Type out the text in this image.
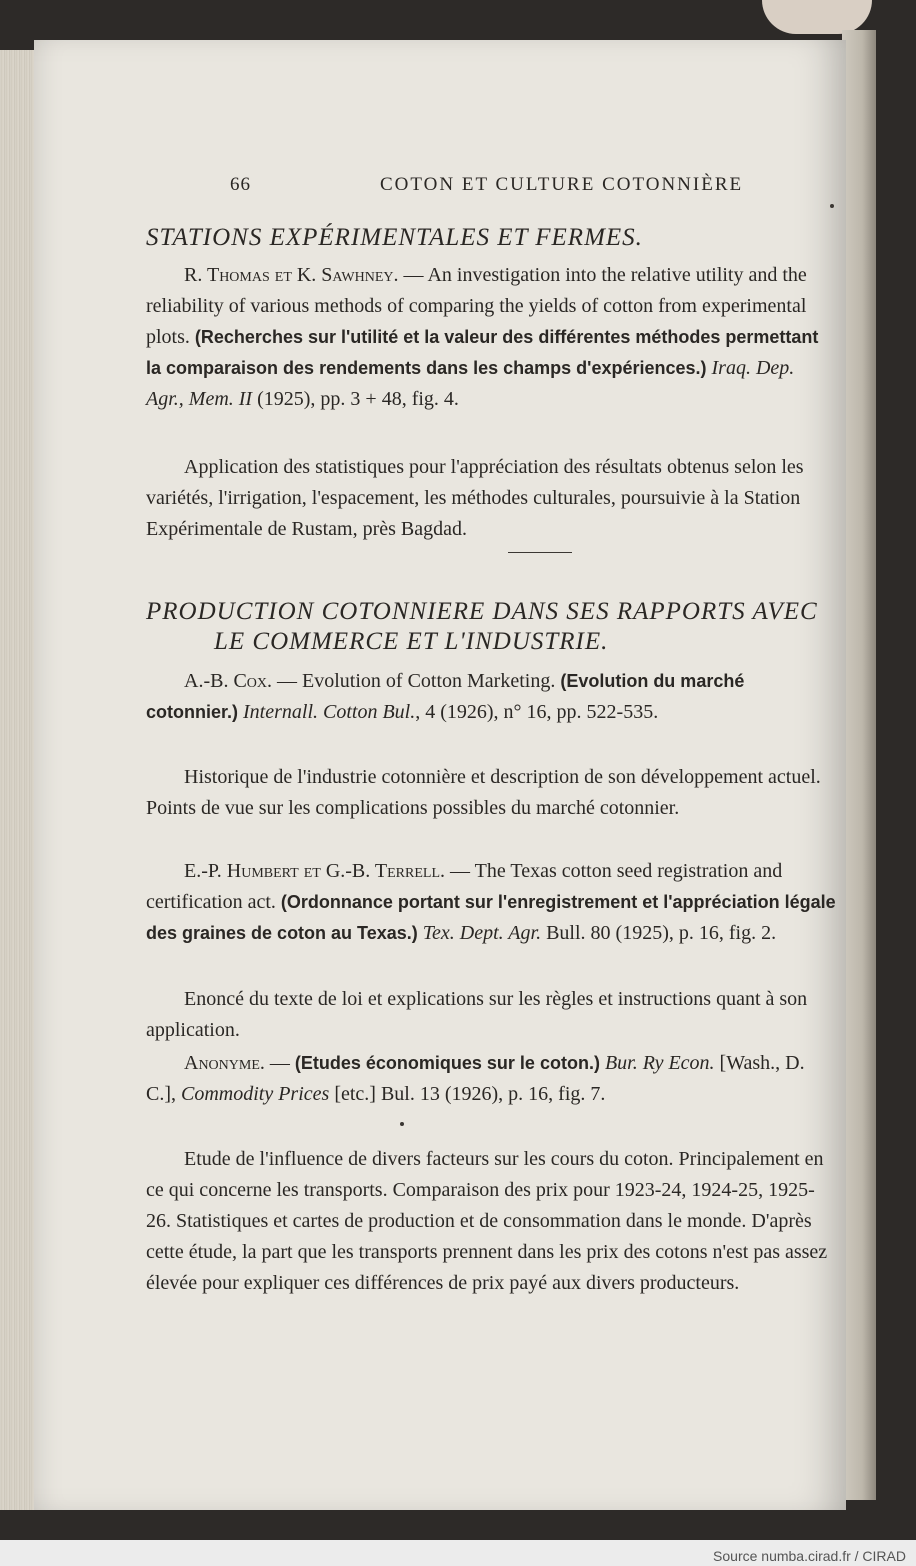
66	COTON ET CULTURE COTONNIÈRE
STATIONS EXPÉRIMENTALES ET FERMES.
R. Thomas et K. Sawhney. — An investigation into the relative utility and the reliability of various methods of comparing the yields of cotton from experimental plots. (Recherches sur l'utilité et la valeur des différentes méthodes permettant la comparaison des rendements dans les champs d'expériences.) Iraq. Dep. Agr., Mem. II (1925), pp. 3 + 48, fig. 4.
Application des statistiques pour l'appréciation des résultats obtenus selon les variétés, l'irrigation, l'espacement, les méthodes culturales, poursuivie à la Station Expérimentale de Rustam, près Bagdad.
PRODUCTION COTONNIERE DANS SES RAPPORTS AVEC
LE COMMERCE ET L'INDUSTRIE.
A.-B. Cox. — Evolution of Cotton Marketing. (Evolution du marché cotonnier.) Internall. Cotton Bul., 4 (1926), n° 16, pp. 522-535.
Historique de l'industrie cotonnière et description de son développement actuel. Points de vue sur les complications possibles du marché cotonnier.
E.-P. Humbert et G.-B. Terrell. — The Texas cotton seed registration and certification act. (Ordonnance portant sur l'enregistrement et l'appréciation légale des graines de coton au Texas.) Tex. Dept. Agr. Bull. 80 (1925), p. 16, fig. 2.
Enoncé du texte de loi et explications sur les règles et instructions quant à son application.
Anonyme. — (Etudes économiques sur le coton.) Bur. Ry Econ. [Wash., D. C.], Commodity Prices [etc.] Bul. 13 (1926), p. 16, fig. 7.
Etude de l'influence de divers facteurs sur les cours du coton. Principalement en ce qui concerne les transports. Comparaison des prix pour 1923-24, 1924-25, 1925-26. Statistiques et cartes de production et de consommation dans le monde. D'après cette étude, la part que les transports prennent dans les prix des cotons n'est pas assez élevée pour expliquer ces différences de prix payé aux divers producteurs.
Source numba.cirad.fr / CIRAD
